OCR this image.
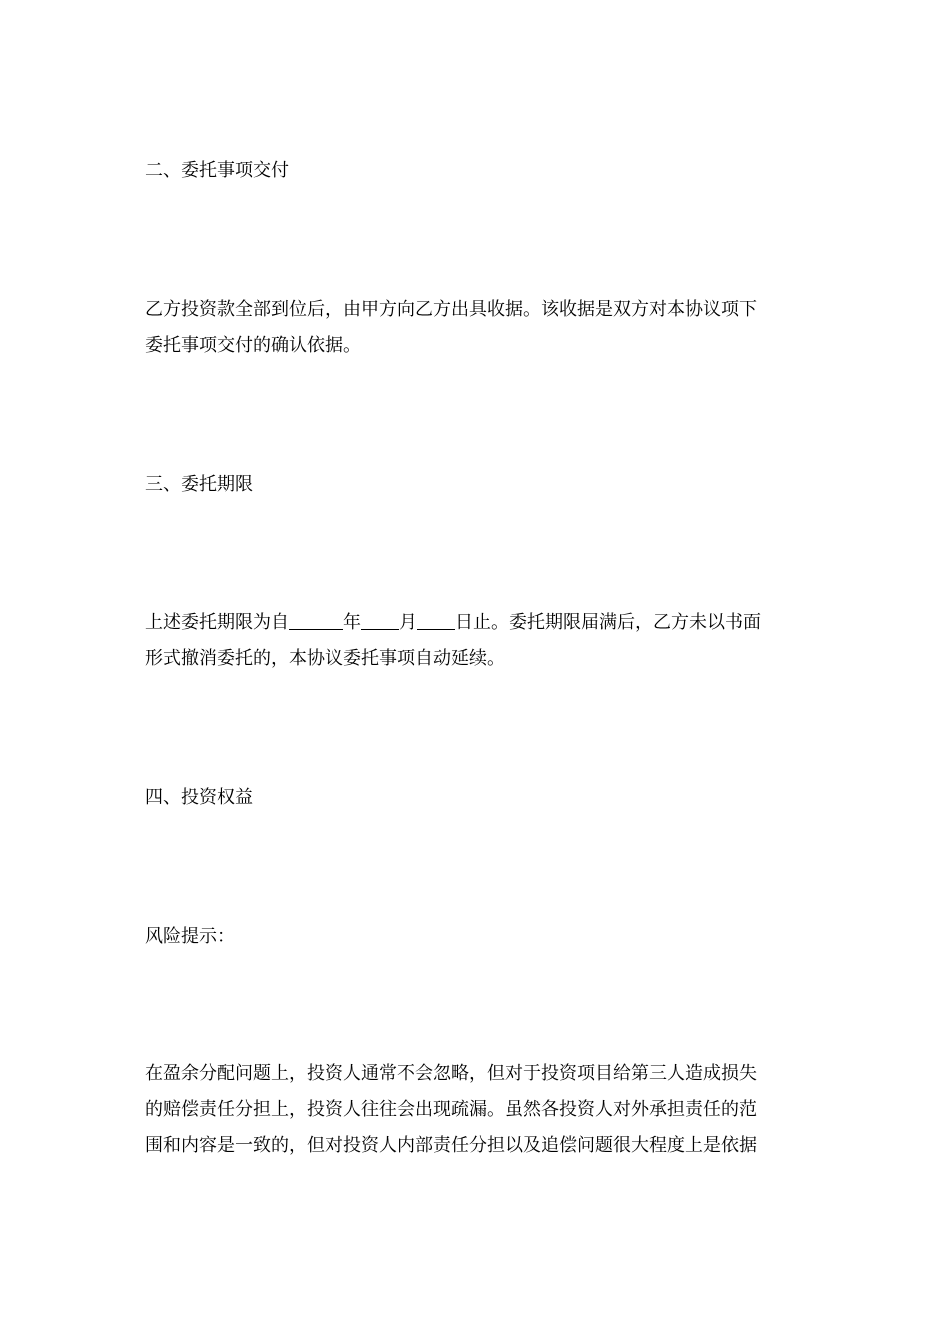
二、委托事项交付

乙方投资款全部到位后，由甲方向乙方出具收据。该收据是双方对本协议项下
委托事项交付的确认依据。

三、委托期限

上述委托期限为自	年 月 日止。委托期限届满后，乙方未以书面
形式撤消委托的，本协议委托事项自动延续。

四、投资权益

风险提示：

在盈余分配问题上，投资人通常不会忽略，但对于投资项目给第三人造成损失
的赔偿责任分担上，投资人往往会出现疏漏。虽然各投资人对外承担责任的范
围和内容是一致的，但对投资人内部责任分担以及追偿问题很大程度上是依据
